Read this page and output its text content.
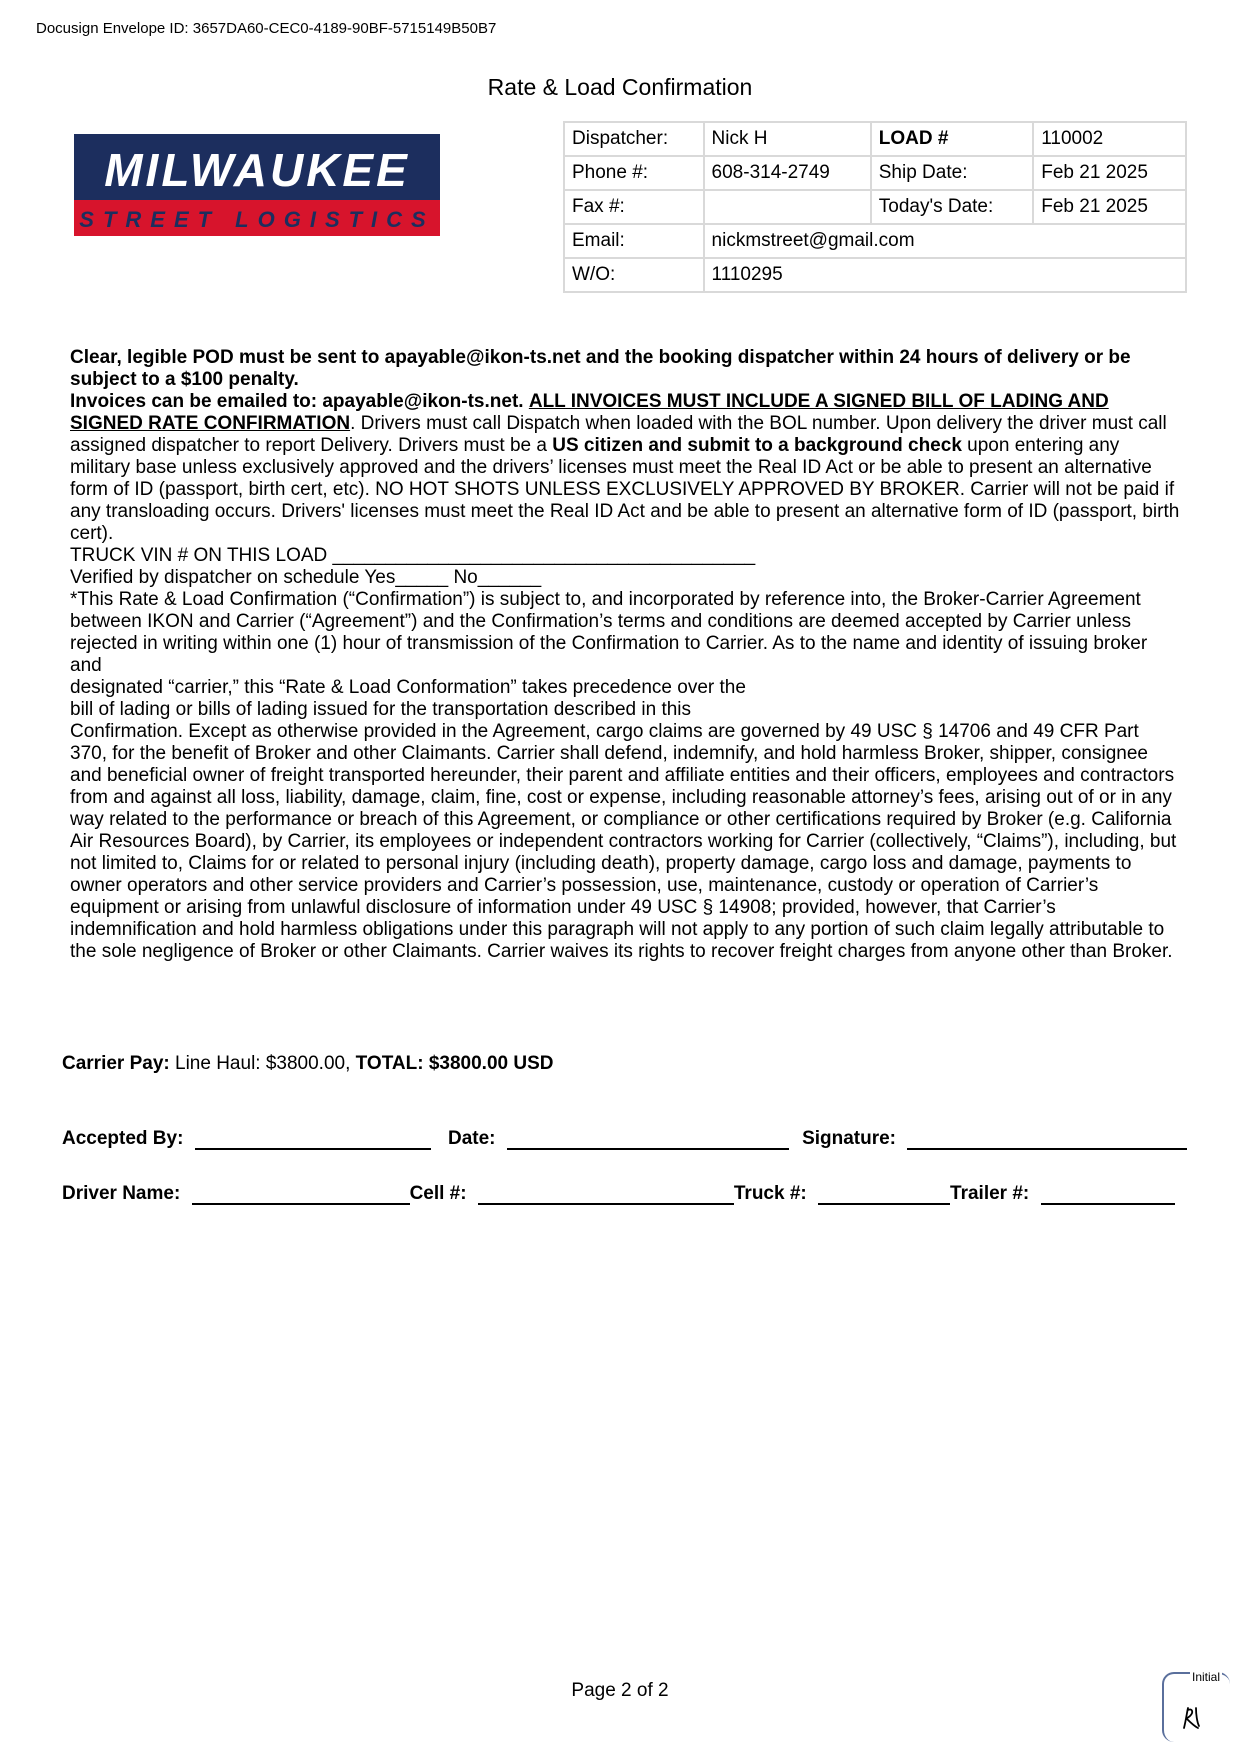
Docusign Envelope ID: 3657DA60-CEC0-4189-90BF-5715149B50B7
Rate & Load Confirmation
MILWAUKEE
STREET LOGISTICS
Dispatcher:	Nick H	LOAD #	110002
Phone #:	608-314-2749	Ship Date:	Feb 21 2025
Fax #:		Today's Date:	Feb 21 2025
Email:	nickmstreet@gmail.com		
W/O:	1110295		

Clear, legible POD must be sent to apayable@ikon-ts.net and the booking dispatcher within 24 hours of delivery or be subject to a $100 penalty.

Invoices can be emailed to: apayable@ikon-ts.net. ALL INVOICES MUST INCLUDE A SIGNED BILL OF LADING AND SIGNED RATE CONFIRMATION. Drivers must call Dispatch when loaded with the BOL number. Upon delivery the driver must call assigned dispatcher to report Delivery. Drivers must be a US citizen and submit to a background check upon entering any military base unless exclusively approved and the drivers’ licenses must meet the Real ID Act or be able to present an alternative form of ID (passport, birth cert, etc). NO HOT SHOTS UNLESS EXCLUSIVELY APPROVED BY BROKER. Carrier will not be paid if any transloading occurs. Drivers' licenses must meet the Real ID Act and be able to present an alternative form of ID (passport, birth cert).

TRUCK VIN # ON THIS LOAD ________________________________________

Verified by dispatcher on schedule Yes_____ No______

*This Rate & Load Confirmation (“Confirmation”) is subject to, and incorporated by reference into, the Broker-Carrier Agreement between IKON and Carrier (“Agreement”) and the Confirmation’s terms and conditions are deemed accepted by Carrier unless rejected in writing within one (1) hour of transmission of the Confirmation to Carrier. As to the name and identity of issuing broker and

designated “carrier,” this “Rate & Load Conformation” takes precedence over the

bill of lading or bills of lading issued for the transportation described in this

Confirmation. Except as otherwise provided in the Agreement, cargo claims are governed by 49 USC § 14706 and 49 CFR Part 370, for the benefit of Broker and other Claimants. Carrier shall defend, indemnify, and hold harmless Broker, shipper, consignee and beneficial owner of freight transported hereunder, their parent and affiliate entities and their officers, employees and contractors from and against all loss, liability, damage, claim, fine, cost or expense, including reasonable attorney’s fees, arising out of or in any way related to the performance or breach of this Agreement, or compliance or other certifications required by Broker (e.g. California Air Resources Board), by Carrier, its employees or independent contractors working for Carrier (collectively, “Claims”), including, but not limited to, Claims for or related to personal injury (including death), property damage, cargo loss and damage, payments to owner operators and other service providers and Carrier’s possession, use, maintenance, custody or operation of Carrier’s equipment or arising from unlawful disclosure of information under 49 USC § 14908; provided, however, that Carrier’s indemnification and hold harmless obligations under this paragraph will not apply to any portion of such claim legally attributable to the sole negligence of Broker or other Claimants. Carrier waives its rights to recover freight charges from anyone other than Broker.

Carrier Pay: Line Haul: $3800.00, TOTAL: $3800.00 USD
Accepted By:	Date:	Signature:
Driver Name:	Cell #:	Truck #:	Trailer #:
Page 2 of 2
Initial
